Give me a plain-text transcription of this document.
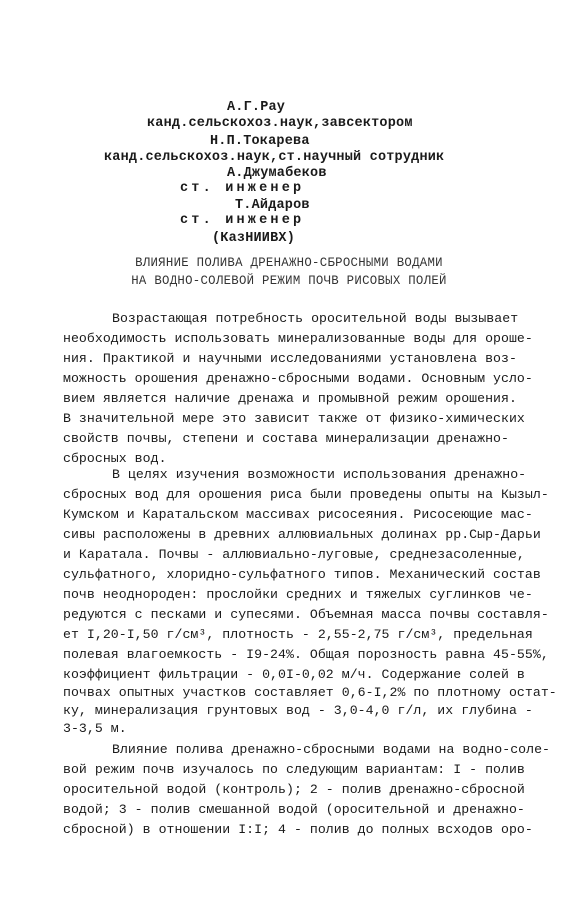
А.Г.Рау
канд.сельскохоз.наук,завсектором
Н.П.Токарева
канд.сельскохоз.наук,ст.научный сотрудник
А.Джумабеков
ст. инженер
Т.Айдаров
ст. инженер
(КазНИИВХ)
ВЛИЯНИЕ ПОЛИВА ДРЕНАЖНО-СБРОСНЫМИ ВОДАМИ
НА ВОДНО-СОЛЕВОЙ РЕЖИМ ПОЧВ РИСОВЫХ ПОЛЕЙ
Возрастающая потребность оросительной воды вызывает
необходимость использовать минерализованные воды для ороше-
ния. Практикой и научными исследованиями установлена воз-
можность орошения дренажно-сбросными водами. Основным усло-
вием является наличие дренажа и промывной режим орошения.
В значительной мере это зависит также от физико-химических
свойств почвы, степени и состава минерализации дренажно-
сбросных вод.
В целях изучения возможности использования дренажно-
сбросных вод для орошения риса были проведены опыты на Кызыл-
Кумском и Каратальском массивах рисосеяния. Рисосеющие мас-
сивы расположены в древних аллювиальных долинах рр.Сыр-Дарьи
и Каратала. Почвы - аллювиально-луговые, среднезасоленные,
сульфатного, хлоридно-сульфатного типов. Механический состав
почв неоднороден: прослойки средних и тяжелых суглинков че-
редуются с песками и супесями. Объемная масса почвы составля-
ет I,20-I,50 г/см³, плотность - 2,55-2,75 г/см³, предельная
полевая влагоемкость - I9-24%. Общая порозность равна 45-55%,
коэффициент фильтрации - 0,0I-0,02 м/ч. Содержание солей в
почвах опытных участков составляет 0,6-I,2% по плотному остат-
ку, минерализация грунтовых вод - 3,0-4,0 г/л, их глубина -
3-3,5 м.
Влияние полива дренажно-сбросными водами на водно-соле-
вой режим почв изучалось по следующим вариантам: I - полив
оросительной водой (контроль); 2 - полив дренажно-сбросной
водой; 3 - полив смешанной водой (оросительной и дренажно-
сбросной) в отношении I:I; 4 - полив до полных всходов оро-
